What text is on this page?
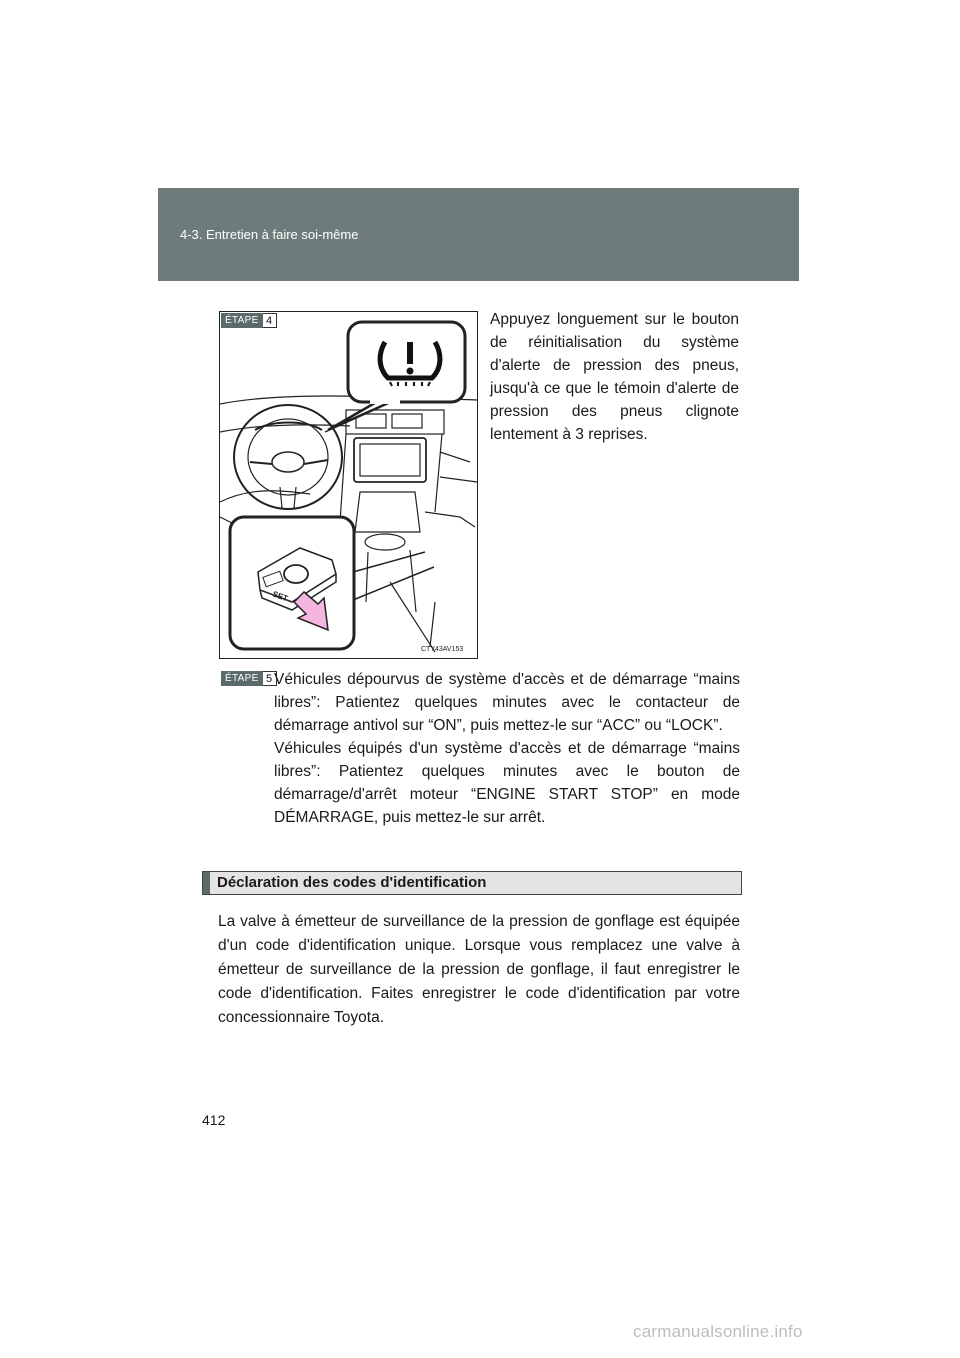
4-3. Entretien à faire soi-même
SET
CTY43AV153
ÉTAPE 4	Appuyez longuement sur le bouton de réinitialisation du système d'alerte de pression des pneus, jusqu'à ce que le témoin d'alerte de pression des pneus clignote lentement à 3 reprises.
ÉTAPE 5 Véhicules dépourvus de système d'accès et de démarrage “mains libres”: Patientez quelques minutes avec le contacteur de démarrage antivol sur “ON”, puis mettez-le sur “ACC” ou “LOCK”.

Véhicules équipés d'un système d'accès et de démarrage “mains libres”: Patientez quelques minutes avec le bouton de démarrage/d'arrêt moteur “ENGINE START STOP” en mode DÉMARRAGE, puis mettez-le sur arrêt.

Déclaration des codes d'identification

La valve à émetteur de surveillance de la pression de gonflage est équipée d'un code d'identification unique. Lorsque vous remplacez une valve à émetteur de surveillance de la pression de gonflage, il faut enregistrer le code d'identification. Faites enregistrer le code d'identification par votre concessionnaire Toyota.

412
carmanualsonline.info
